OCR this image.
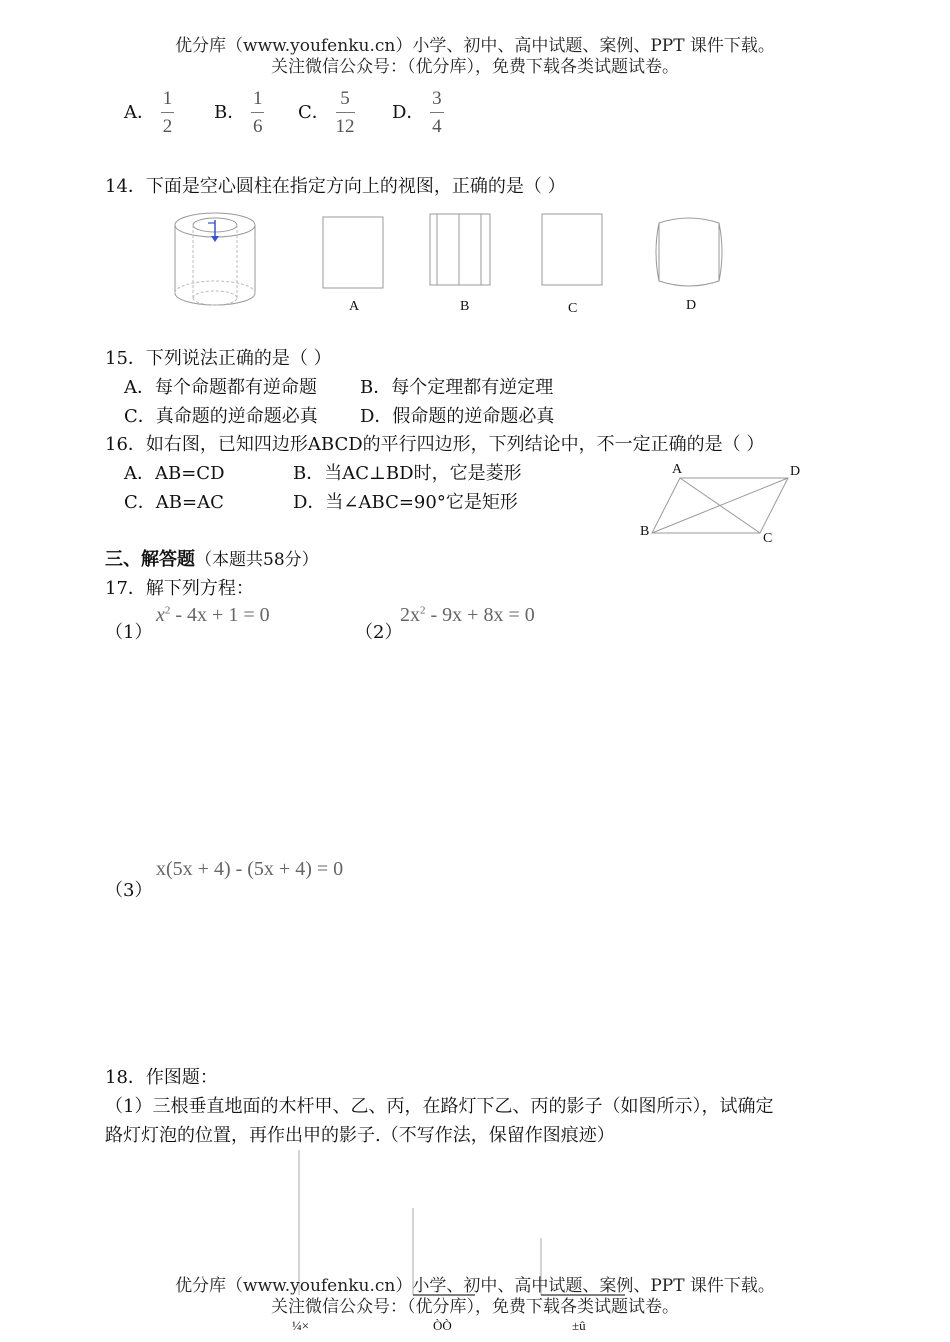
优分库（www.youfenku.cn）小学、初中、高中试题、案例、PPT 课件下载。
关注微信公众号：（优分库），免费下载各类试题试卷。
A． $\frac{1}{2}$ B． $\frac{1}{6}$ C． $\frac{5}{12}$ D． $\frac{3}{4}$
14．下面是空心圆柱在指定方向上的视图，正确的是（ ）
A	B	C	D
15．下列说法正确的是（ ）
A．每个命题都有逆命题 B．每个定理都有逆定理
C．真命题的逆命题必真 D．假命题的逆命题必真
16．如右图，已知四边形ABCD的平行四边形，下列结论中，不一定正确的是（ ）
A．AB=CD	B．当AC⊥BD时，它是菱形
C．AB=AC	D．当∠ABC=90°它是矩形
A	D
B	C
三、解答题（本题共58分）
17．解下列方程：
（1）
$x^2 - 4x + 1 = 0$
（2）
$2x^2 - 9x + 8x = 0$
（3）
x(5x + 4) - (5x + 4) = 0
18．作图题：
（1）三根垂直地面的木杆甲、乙、丙，在路灯下乙、丙的影子（如图所示），试确定
路灯灯泡的位置，再作出甲的影子.（不写作法，保留作图痕迹）
优分库（www.youfenku.cn）小学、初中、高中试题、案例、PPT 课件下载。
关注微信公众号：（优分库），免费下载各类试题试卷。
¼×	ÒÒ	±û
